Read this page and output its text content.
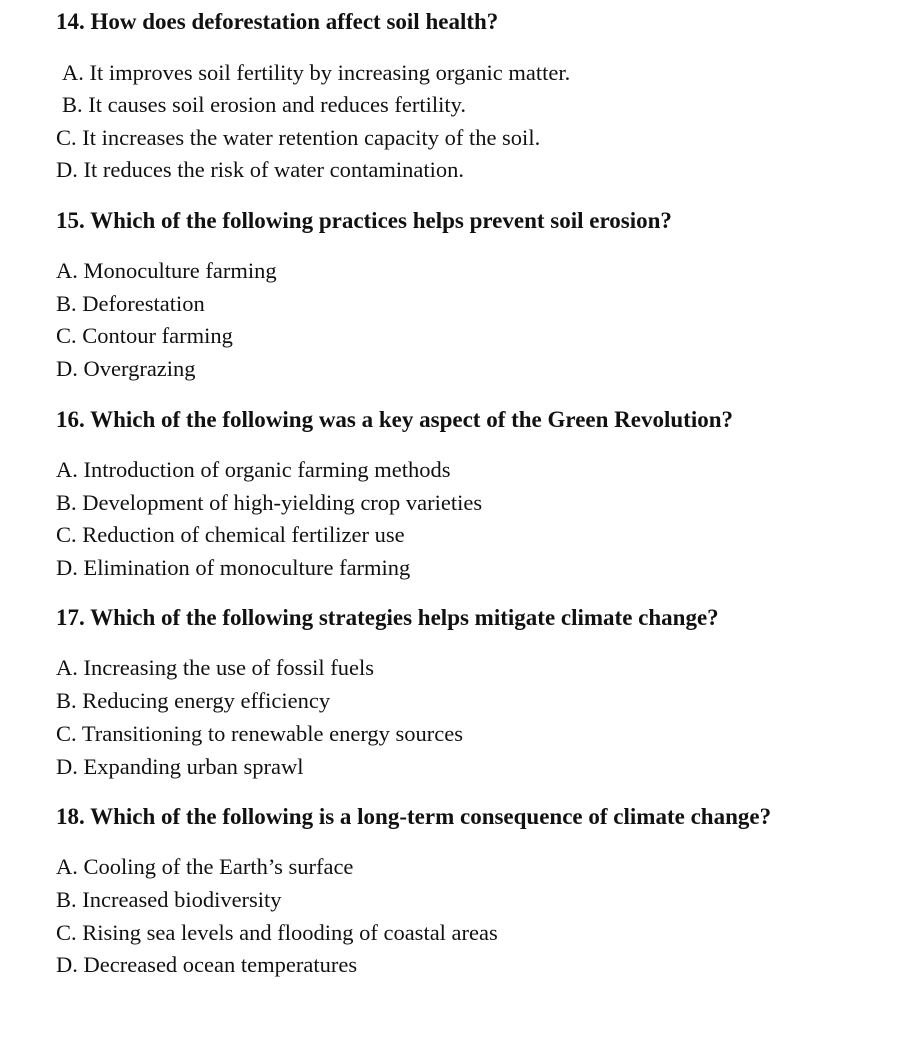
14. How does deforestation affect soil health?
A. It improves soil fertility by increasing organic matter.
B. It causes soil erosion and reduces fertility.
C. It increases the water retention capacity of the soil.
D. It reduces the risk of water contamination.
15. Which of the following practices helps prevent soil erosion?
A. Monoculture farming
B. Deforestation
C. Contour farming
D. Overgrazing
16. Which of the following was a key aspect of the Green Revolution?
A. Introduction of organic farming methods
B. Development of high-yielding crop varieties
C. Reduction of chemical fertilizer use
D. Elimination of monoculture farming
17. Which of the following strategies helps mitigate climate change?
A. Increasing the use of fossil fuels
B. Reducing energy efficiency
C. Transitioning to renewable energy sources
D. Expanding urban sprawl
18. Which of the following is a long-term consequence of climate change?
A. Cooling of the Earth’s surface
B. Increased biodiversity
C. Rising sea levels and flooding of coastal areas
D. Decreased ocean temperatures
